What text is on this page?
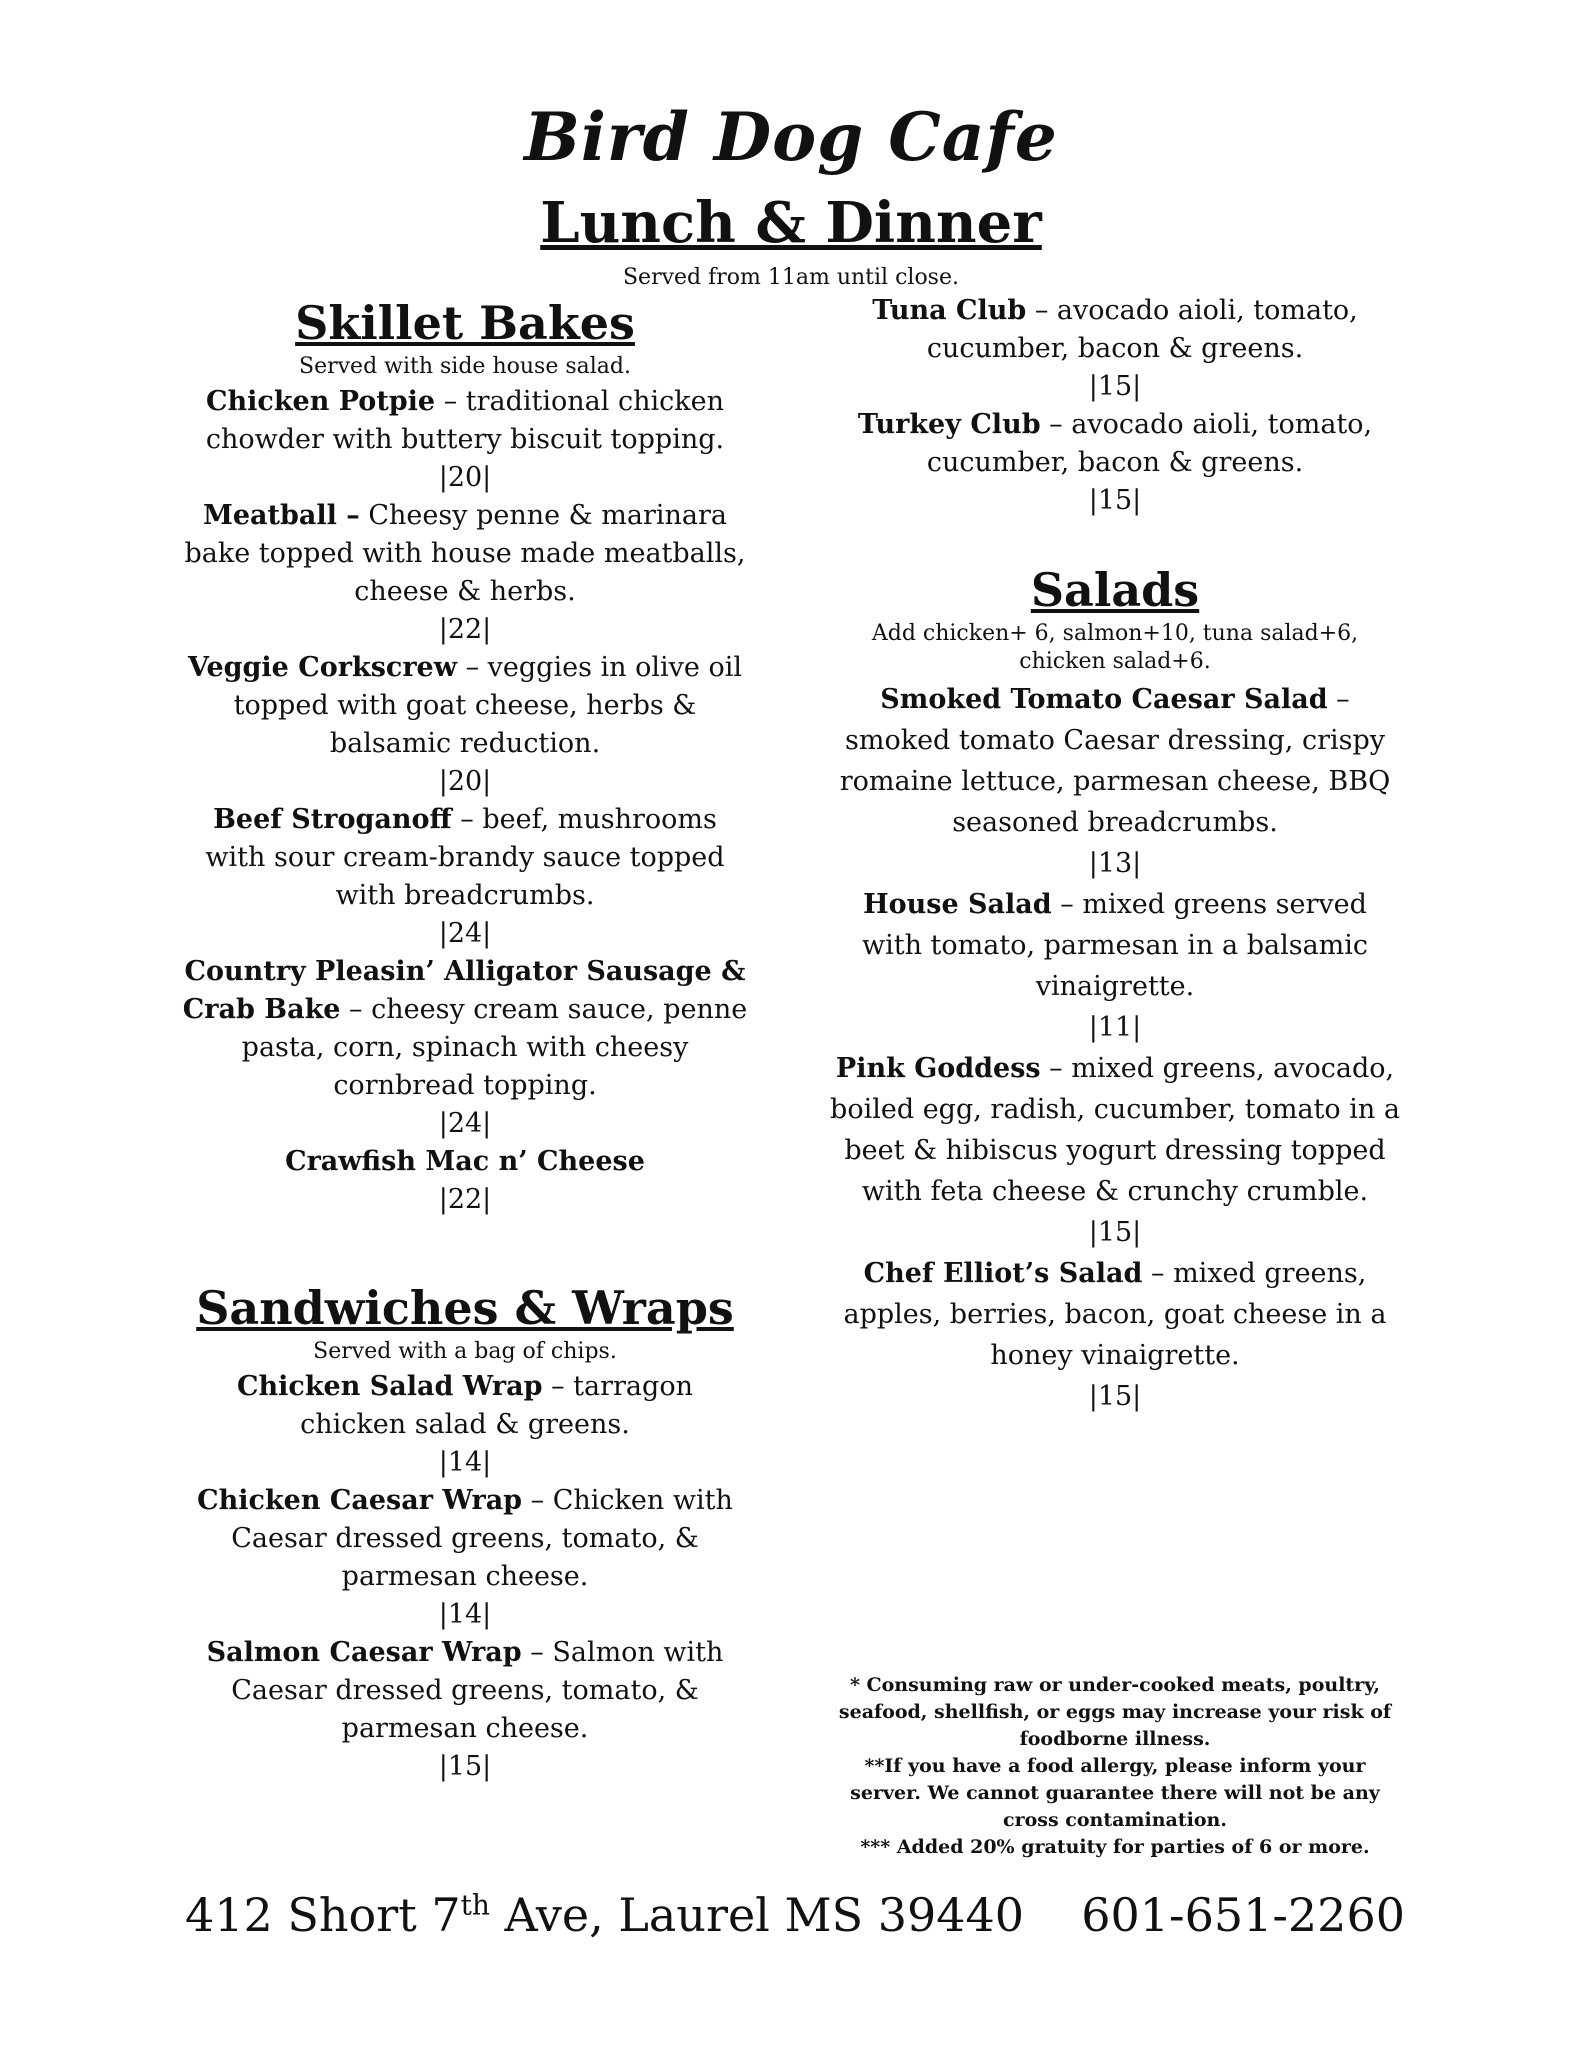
Bird Dog Cafe
Lunch & Dinner
Served from 11am until close.
Skillet Bakes
Served with side house salad.
Chicken Potpie – traditional chicken chowder with buttery biscuit topping.
|20|
Meatball – Cheesy penne & marinara bake topped with house made meatballs, cheese & herbs.
|22|
Veggie Corkscrew – veggies in olive oil topped with goat cheese, herbs & balsamic reduction.
|20|
Beef Stroganoff – beef, mushrooms with sour cream-brandy sauce topped with breadcrumbs.
|24|
Country Pleasin’ Alligator Sausage & Crab Bake – cheesy cream sauce, penne pasta, corn, spinach with cheesy cornbread topping.
|24|
Crawfish Mac n’ Cheese
|22|
Sandwiches & Wraps
Served with a bag of chips.
Chicken Salad Wrap – tarragon chicken salad & greens.
|14|
Chicken Caesar Wrap – Chicken with Caesar dressed greens, tomato, & parmesan cheese.
|14|
Salmon Caesar Wrap – Salmon with Caesar dressed greens, tomato, & parmesan cheese.
|15|
Tuna Club – avocado aioli, tomato, cucumber, bacon & greens.
|15|
Turkey Club – avocado aioli, tomato, cucumber, bacon & greens.
|15|
Salads
Add chicken+ 6, salmon+10, tuna salad+6, chicken salad+6.
Smoked Tomato Caesar Salad – smoked tomato Caesar dressing, crispy romaine lettuce, parmesan cheese, BBQ seasoned breadcrumbs.
|13|
House Salad – mixed greens served with tomato, parmesan in a balsamic vinaigrette.
|11|
Pink Goddess – mixed greens, avocado, boiled egg, radish, cucumber, tomato in a beet & hibiscus yogurt dressing topped with feta cheese & crunchy crumble.
|15|
Chef Elliot’s Salad – mixed greens, apples, berries, bacon, goat cheese in a honey vinaigrette.
|15|
* Consuming raw or under-cooked meats, poultry, seafood, shellfish, or eggs may increase your risk of foodborne illness.
**If you have a food allergy, please inform your server. We cannot guarantee there will not be any cross contamination.
*** Added 20% gratuity for parties of 6 or more.
412 Short 7th Ave, Laurel MS 39440 601-651-2260
